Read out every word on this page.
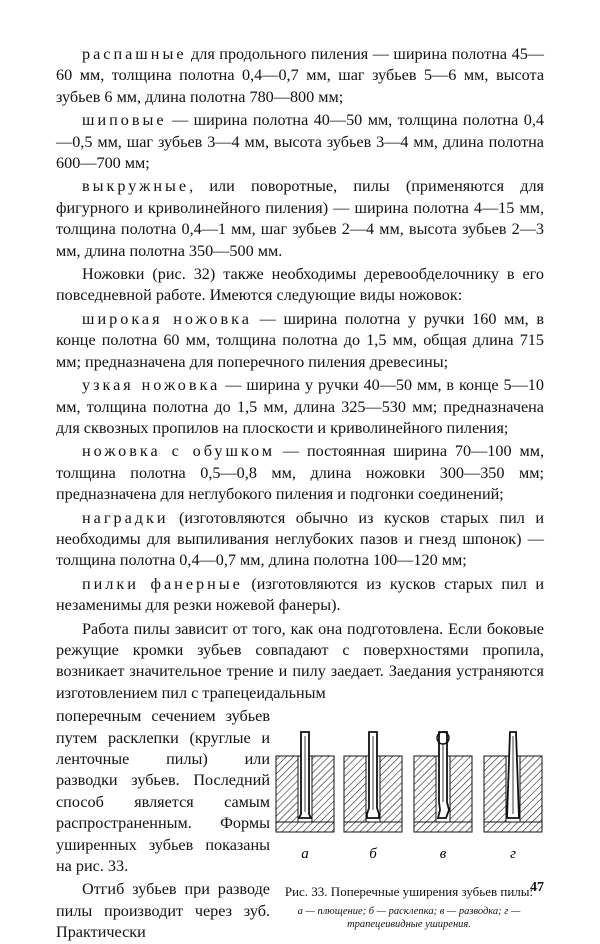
распашные для продольного пиления — ширина полотна 45—60 мм, толщина полотна 0,4—0,7 мм, шаг зубьев 5—6 мм, высота зубьев 6 мм, длина полотна 780—800 мм;

шиповые — ширина полотна 40—50 мм, толщина полотна 0,4—0,5 мм, шаг зубьев 3—4 мм, высота зубьев 3—4 мм, длина полотна 600—700 мм;

выкружные, или поворотные, пилы (применяются для фигурного и криволинейного пиления) — ширина полотна 4—15 мм, толщина полотна 0,4—1 мм, шаг зубьев 2—4 мм, высота зубьев 2—3 мм, длина полотна 350—500 мм.

Ножовки (рис. 32) также необходимы деревообделочнику в его повседневной работе. Имеются следующие виды ножовок:

широкая ножовка — ширина полотна у ручки 160 мм, в конце полотна 60 мм, толщина полотна до 1,5 мм, общая длина 715 мм; предназначена для поперечного пиления древесины;

узкая ножовка — ширина у ручки 40—50 мм, в конце 5—10 мм, толщина полотна до 1,5 мм, длина 325—530 мм; предназначена для сквозных пропилов на плоскости и криволинейного пиления;

ножовка с обушком — постоянная ширина 70—100 мм, толщина полотна 0,5—0,8 мм, длина ножовки 300—350 мм; предназначена для неглубокого пиления и подгонки соединений;

наградки (изготовляются обычно из кусков старых пил и необходимы для выпиливания неглубоких пазов и гнезд шпонок) — толщина полотна 0,4—0,7 мм, длина полотна 100—120 мм;

пилки фанерные (изготовляются из кусков старых пил и незаменимы для резки ножевой фанеры).

Работа пилы зависит от того, как она подготовлена. Если боковые режущие кромки зубьев совпадают с поверхностями пропила, возникает значительное трение и пилу заедает. Заедания устраняются изготовлением пил с трапецеидальным

поперечным сечением зубьев путем расклепки (круглые и ленточные пилы) или разводки зубьев. Последний способ является самым распространенным. Формы уширенных зубьев показаны на рис. 33.

Отгиб зубьев при разводе пилы производит через зуб. Практически

а	б	в	г
Рис. 33. Поперечные уширения зубьев пилы:
а — плющение; б — расклепка; в — разводка; г — трапецеивидные уширения.
47
